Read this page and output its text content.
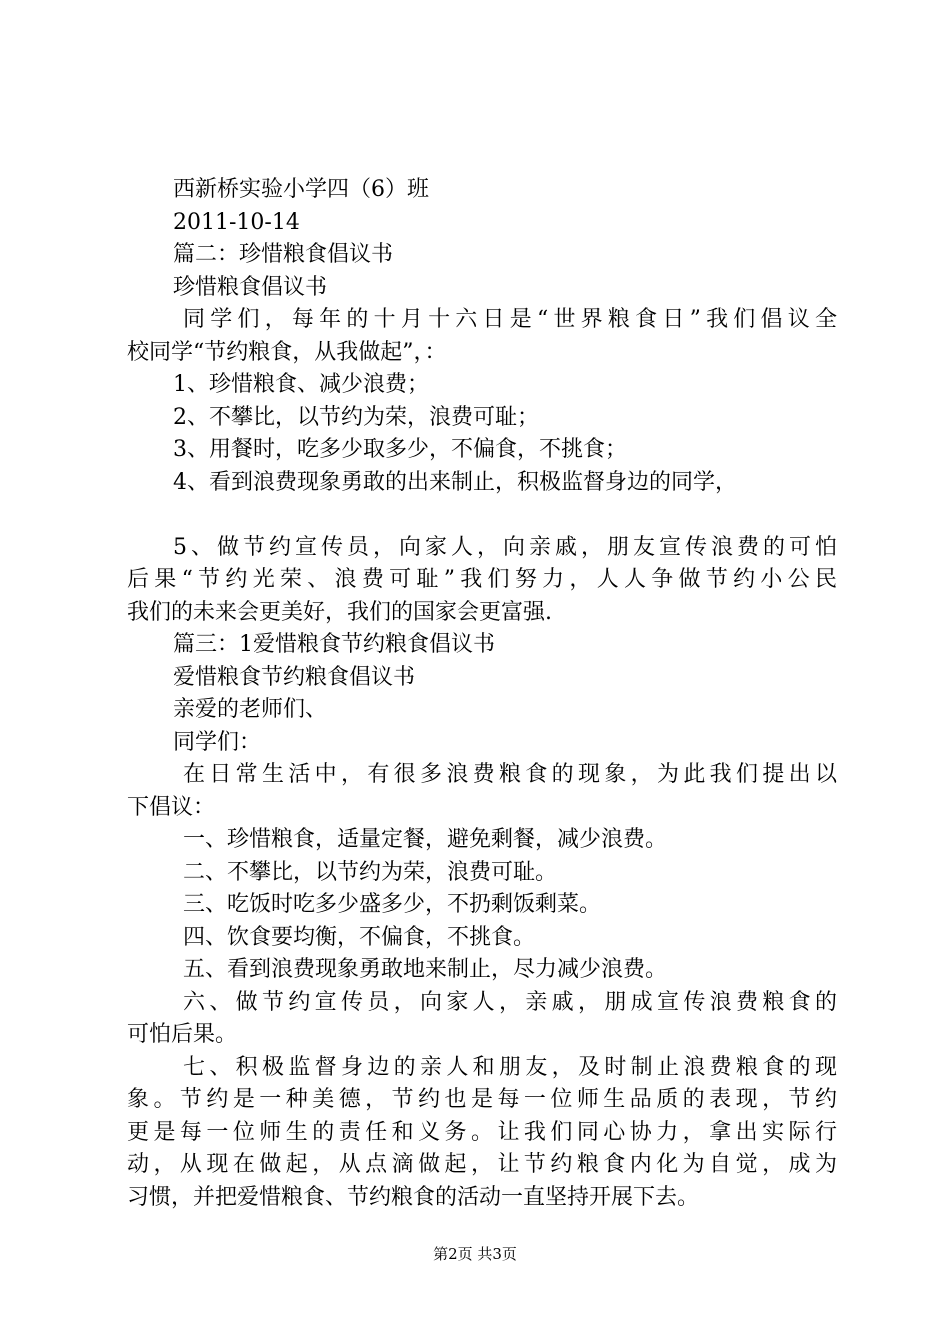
西新桥实验小学四（6）班
2011-10-14
篇二：珍惜粮食倡议书
珍惜粮食倡议书
同学们，每年的十月十六日是“世界粮食日”我们倡议全
校同学“节约粮食，从我做起”，：
1、珍惜粮食、减少浪费；
2、不攀比，以节约为荣，浪费可耻；
3、用餐时，吃多少取多少，不偏食，不挑食；
4、看到浪费现象勇敢的出来制止，积极监督身边的同学，
5、做节约宣传员，向家人，向亲戚，朋友宣传浪费的可怕
后果“节约光荣、浪费可耻”我们努力，人人争做节约小公民
我们的未来会更美好，我们的国家会更富强.
篇三：1爱惜粮食节约粮食倡议书
爱惜粮食节约粮食倡议书
亲爱的老师们、
同学们：
在日常生活中，有很多浪费粮食的现象，为此我们提出以
下倡议：
一、珍惜粮食，适量定餐，避免剩餐，减少浪费。
二、不攀比，以节约为荣，浪费可耻。
三、吃饭时吃多少盛多少，不扔剩饭剩菜。
四、饮食要均衡，不偏食，不挑食。
五、看到浪费现象勇敢地来制止，尽力减少浪费。
六、做节约宣传员，向家人，亲戚，朋成宣传浪费粮食的
可怕后果。
七、积极监督身边的亲人和朋友，及时制止浪费粮食的现
象。节约是一种美德，节约也是每一位师生品质的表现，节约
更是每一位师生的责任和义务。让我们同心协力，拿出实际行
动，从现在做起，从点滴做起，让节约粮食内化为自觉，成为
习惯，并把爱惜粮食、节约粮食的活动一直坚持开展下去。
第2页 共3页
